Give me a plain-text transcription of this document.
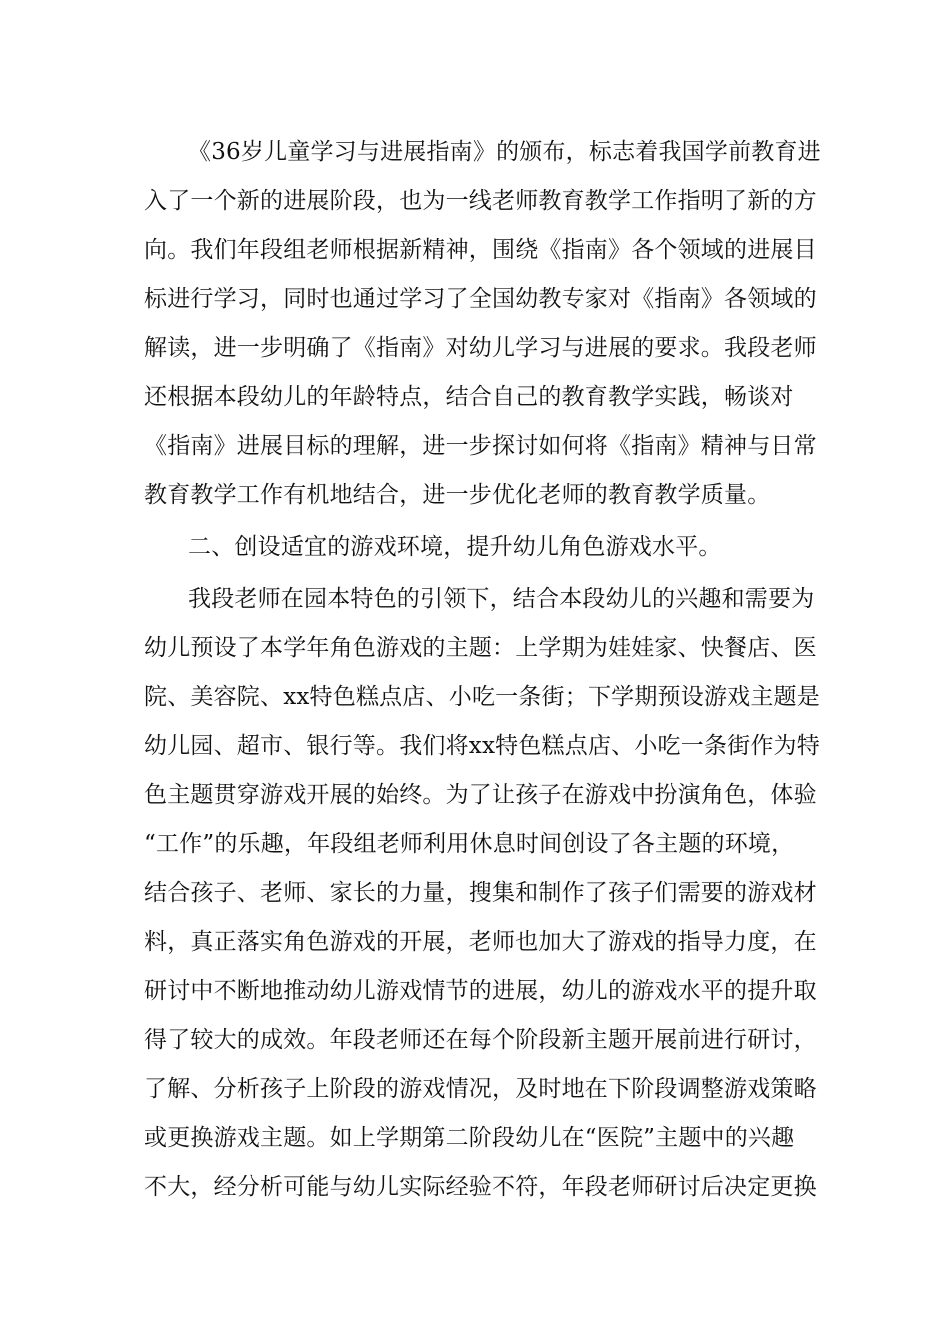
《36岁儿童学习与进展指南》的颁布，标志着我国学前教育进
入了一个新的进展阶段，也为一线老师教育教学工作指明了新的方
向。我们年段组老师根据新精神，围绕《指南》各个领域的进展目
标进行学习，同时也通过学习了全国幼教专家对《指南》各领域的
解读，进一步明确了《指南》对幼儿学习与进展的要求。我段老师
还根据本段幼儿的年龄特点，结合自己的教育教学实践，畅谈对
《指南》进展目标的理解，进一步探讨如何将《指南》精神与日常
教育教学工作有机地结合，进一步优化老师的教育教学质量。
二、创设适宜的游戏环境，提升幼儿角色游戏水平。
我段老师在园本特色的引领下，结合本段幼儿的兴趣和需要为
幼儿预设了本学年角色游戏的主题：上学期为娃娃家、快餐店、医
院、美容院、xx特色糕点店、小吃一条街；下学期预设游戏主题是
幼儿园、超市、银行等。我们将xx特色糕点店、小吃一条街作为特
色主题贯穿游戏开展的始终。为了让孩子在游戏中扮演角色，体验
“工作”的乐趣，年段组老师利用休息时间创设了各主题的环境，
结合孩子、老师、家长的力量，搜集和制作了孩子们需要的游戏材
料，真正落实角色游戏的开展，老师也加大了游戏的指导力度，在
研讨中不断地推动幼儿游戏情节的进展，幼儿的游戏水平的提升取
得了较大的成效。年段老师还在每个阶段新主题开展前进行研讨，
了解、分析孩子上阶段的游戏情况，及时地在下阶段调整游戏策略
或更换游戏主题。如上学期第二阶段幼儿在“医院”主题中的兴趣
不大，经分析可能与幼儿实际经验不符，年段老师研讨后决定更换
